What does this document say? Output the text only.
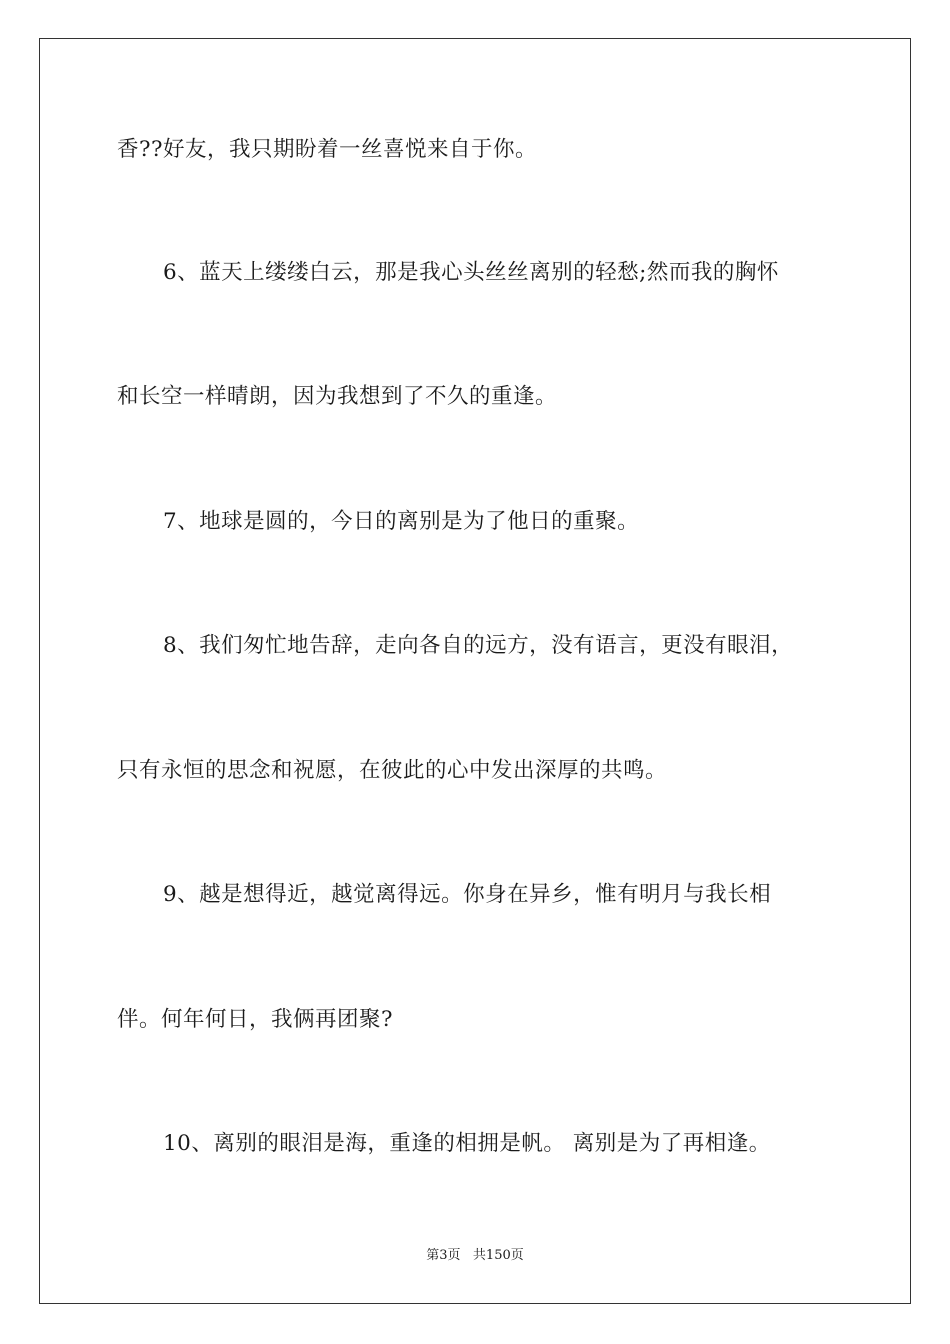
香??好友，我只期盼着一丝喜悦来自于你。
6、蓝天上缕缕白云，那是我心头丝丝离别的轻愁;然而我的胸怀
和长空一样晴朗，因为我想到了不久的重逢。
7、地球是圆的，今日的离别是为了他日的重聚。
8、我们匆忙地告辞，走向各自的远方，没有语言，更没有眼泪，
只有永恒的思念和祝愿，在彼此的心中发出深厚的共鸣。
9、越是想得近，越觉离得远。你身在异乡，惟有明月与我长相
伴。何年何日，我俩再团聚?
10、离别的眼泪是海，重逢的相拥是帆。 离别是为了再相逢。
第3页   共150页
